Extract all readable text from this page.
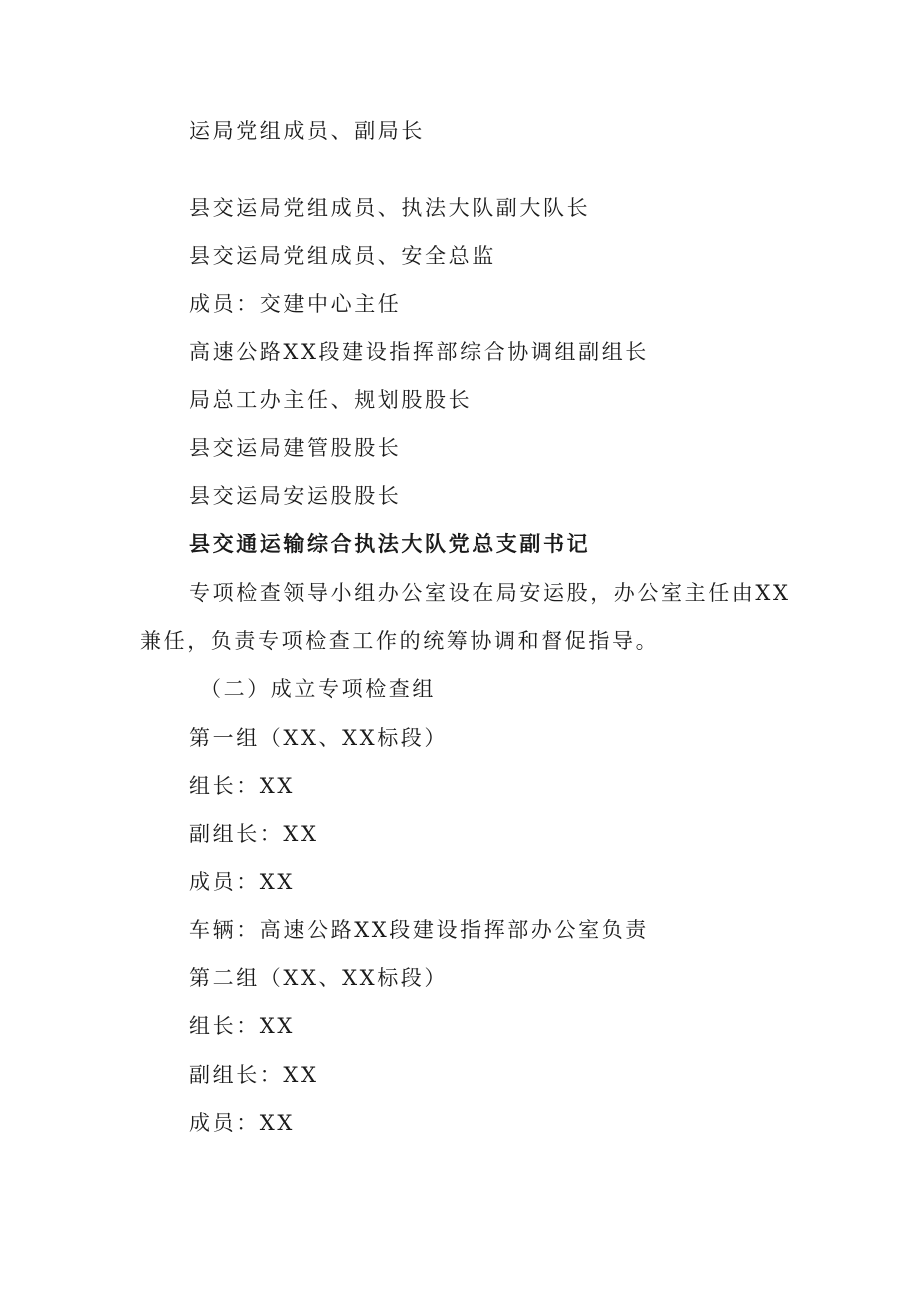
运局党组成员、副局长
县交运局党组成员、执法大队副大队长
县交运局党组成员、安全总监
成员：交建中心主任
高速公路XX段建设指挥部综合协调组副组长
局总工办主任、规划股股长
县交运局建管股股长
县交运局安运股股长
县交通运输综合执法大队党总支副书记
专项检查领导小组办公室设在局安运股，办公室主任由XX
兼任，负责专项检查工作的统筹协调和督促指导。
（二）成立专项检查组
第一组（XX、XX标段）
组长：XX
副组长：XX
成员：XX
车辆：高速公路XX段建设指挥部办公室负责
第二组（XX、XX标段）
组长：XX
副组长：XX
成员：XX
